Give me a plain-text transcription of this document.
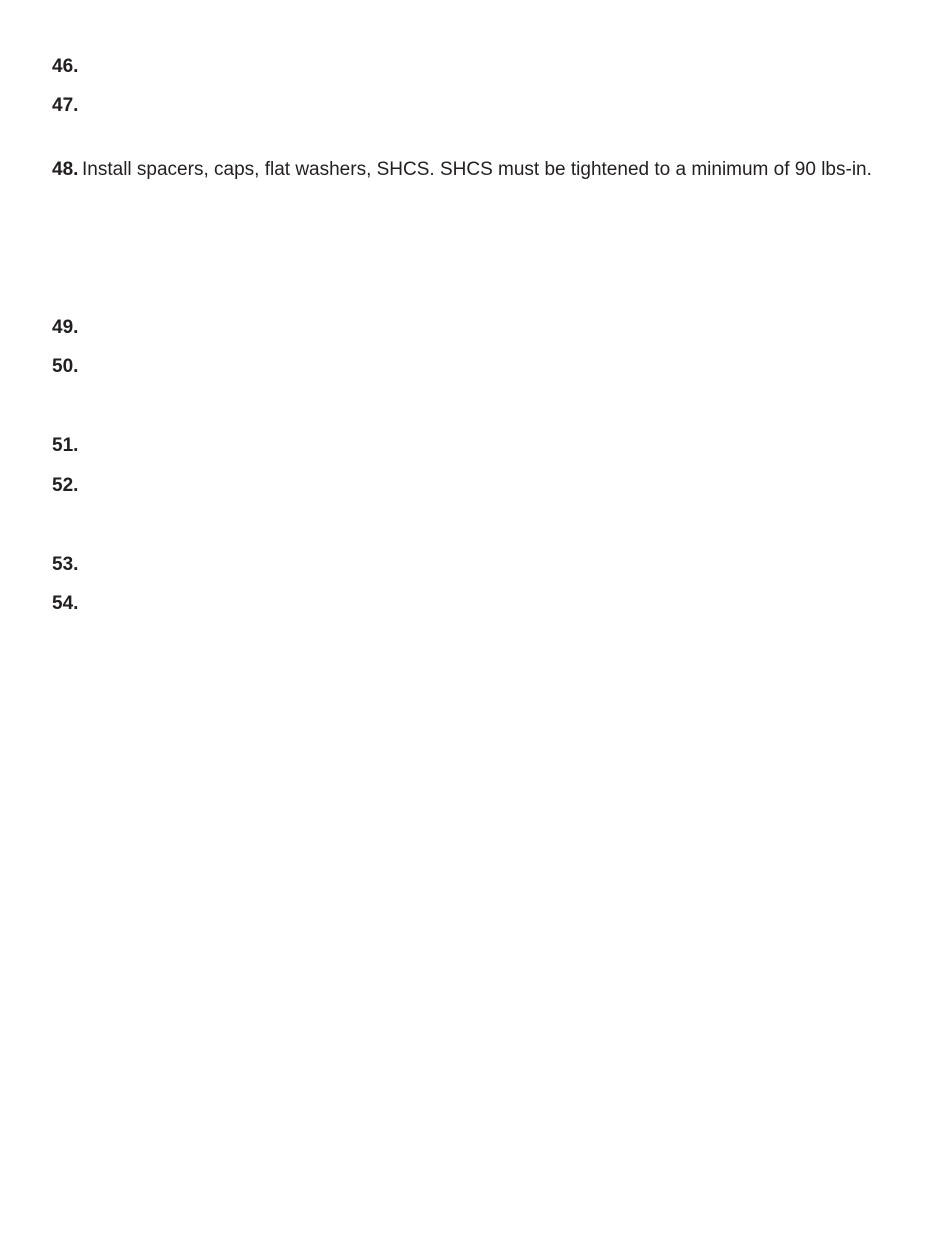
46.
47.
48. Install spacers, caps, flat washers, SHCS. SHCS must be tightened to a minimum of 90 lbs-in.
49.
50.
51.
52.
53.
54.
